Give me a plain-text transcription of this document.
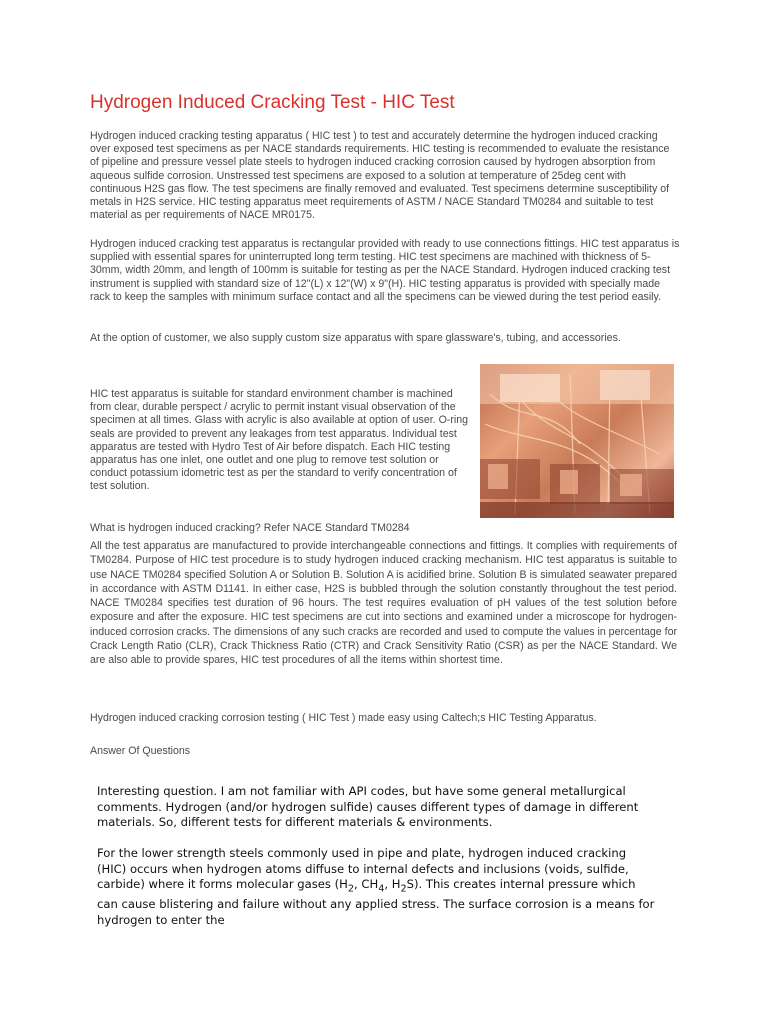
Hydrogen Induced Cracking Test - HIC Test

Hydrogen induced cracking testing apparatus ( HIC test ) to test and accurately determine the hydrogen induced cracking over exposed test specimens as per NACE standards requirements. HIC testing is recommended to evaluate the resistance of pipeline and pressure vessel plate steels to hydrogen induced cracking corrosion caused by hydrogen absorption from aqueous sulfide corrosion. Unstressed test specimens are exposed to a solution at temperature of 25deg cent with continuous H2S gas flow. The test specimens are finally removed and evaluated. Test specimens determine susceptibility of metals in H2S service. HIC testing apparatus meet requirements of ASTM / NACE Standard TM0284 and suitable to test material as per requirements of NACE MR0175.

Hydrogen induced cracking test apparatus is rectangular provided with ready to use connections fittings. HIC test apparatus is supplied with essential spares for uninterrupted long term testing. HIC test specimens are machined with thickness of 5-30mm, width 20mm, and length of 100mm is suitable for testing as per the NACE Standard. Hydrogen induced cracking test instrument is supplied with standard size of 12"(L) x 12"(W) x 9"(H). HIC testing apparatus is provided with specially made rack to keep the samples with minimum surface contact and all the specimens can be viewed during the test period easily.

At the option of customer, we also supply custom size apparatus with spare glassware's, tubing, and accessories.

HIC test apparatus is suitable for standard environment chamber is machined from clear, durable perspect / acrylic to permit instant visual observation of the specimen at all times. Glass with acrylic is also available at option of user. O-ring seals are provided to prevent any leakages from test apparatus. Individual test apparatus are tested with Hydro Test of Air before dispatch. Each HIC testing apparatus has one inlet, one outlet and one plug to remove test solution or conduct potassium idometric test as per the standard to verify concentration of test solution.

What is hydrogen induced cracking? Refer NACE Standard TM0284

All the test apparatus are manufactured to provide interchangeable connections and fittings. It complies with requirements of TM0284. Purpose of HIC test procedure is to study hydrogen induced cracking mechanism. HIC test apparatus is suitable to use NACE TM0284 specified Solution A or Solution B. Solution A is acidified brine. Solution B is simulated seawater prepared in accordance with ASTM D1141. In either case, H2S is bubbled through the solution constantly throughout the test period. NACE TM0284 specifies test duration of 96 hours. The test requires evaluation of pH values of the test solution before exposure and after the exposure. HIC test specimens are cut into sections and examined under a microscope for hydrogen-induced corrosion cracks. The dimensions of any such cracks are recorded and used to compute the values in percentage for Crack Length Ratio (CLR), Crack Thickness Ratio (CTR) and Crack Sensitivity Ratio (CSR) as per the NACE Standard. We are also able to provide spares, HIC test procedures of all the items within shortest time.

Hydrogen induced cracking corrosion testing ( HIC Test ) made easy using Caltech;s HIC Testing Apparatus.

Answer Of Questions

Interesting question. I am not familiar with API codes, but have some general metallurgical comments. Hydrogen (and/or hydrogen sulfide) causes different types of damage in different materials. So, different tests for different materials & environments.

For the lower strength steels commonly used in pipe and plate, hydrogen induced cracking (HIC) occurs when hydrogen atoms diffuse to internal defects and inclusions (voids, sulfide, carbide) where it forms molecular gases ($H_2$, $CH_4$, $H_2S$). This creates internal pressure which can cause blistering and failure without any applied stress. The surface corrosion is a means for hydrogen to enter the
